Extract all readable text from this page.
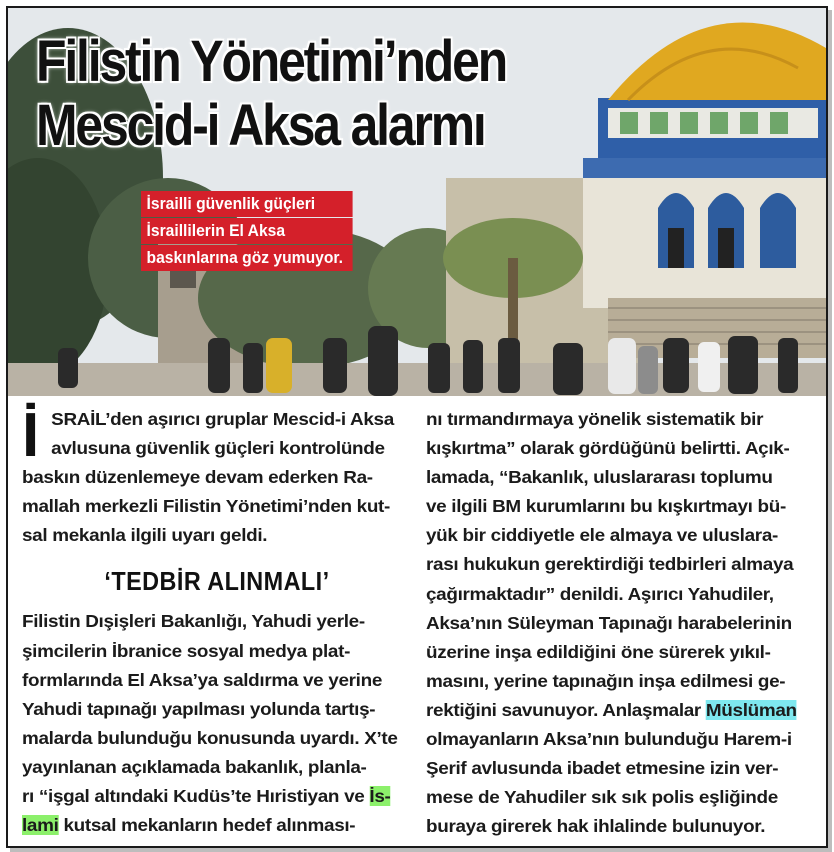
Filistin Yönetimi’nden
Mescid-i Aksa alarmı
İsrailli güvenlik güçleri
İsraillilerin El Aksa
baskınlarına göz yumuyor.
İ SRAİL’den aşırıcı gruplar Mescid-i Aksa
avlusuna güvenlik güçleri kontrolünde
baskın düzenlemeye devam ederken Ra-
mallah merkezli Filistin Yönetimi’nden kut-
sal mekanla ilgili uyarı geldi.
‘TEDBİR ALINMALI’
Filistin Dışişleri Bakanlığı, Yahudi yerle-
şimcilerin İbranice sosyal medya plat-
formlarında El Aksa’ya saldırma ve yerine
Yahudi tapınağı yapılması yolunda tartış-
malarda bulunduğu konusunda uyardı. X’te
yayınlanan açıklamada bakanlık, planla-
rı “işgal altındaki Kudüs’te Hıristiyan ve İs-
lami kutsal mekanların hedef alınması-
nı tırmandırmaya yönelik sistematik bir
kışkırtma” olarak gördüğünü belirtti. Açık-
lamada, “Bakanlık, uluslararası toplumu
ve ilgili BM kurumlarını bu kışkırtmayı bü-
yük bir ciddiyetle ele almaya ve uluslara-
rası hukukun gerektirdiği tedbirleri almaya
çağırmaktadır” denildi. Aşırıcı Yahudiler,
Aksa’nın Süleyman Tapınağı harabelerinin
üzerine inşa edildiğini öne sürerek yıkıl-
masını, yerine tapınağın inşa edilmesi ge-
rektiğini savunuyor. Anlaşmalar Müslüman
olmayanların Aksa’nın bulunduğu Harem-i
Şerif avlusunda ibadet etmesine izin ver-
mese de Yahudiler sık sık polis eşliğinde
buraya girerek hak ihlalinde bulunuyor.
